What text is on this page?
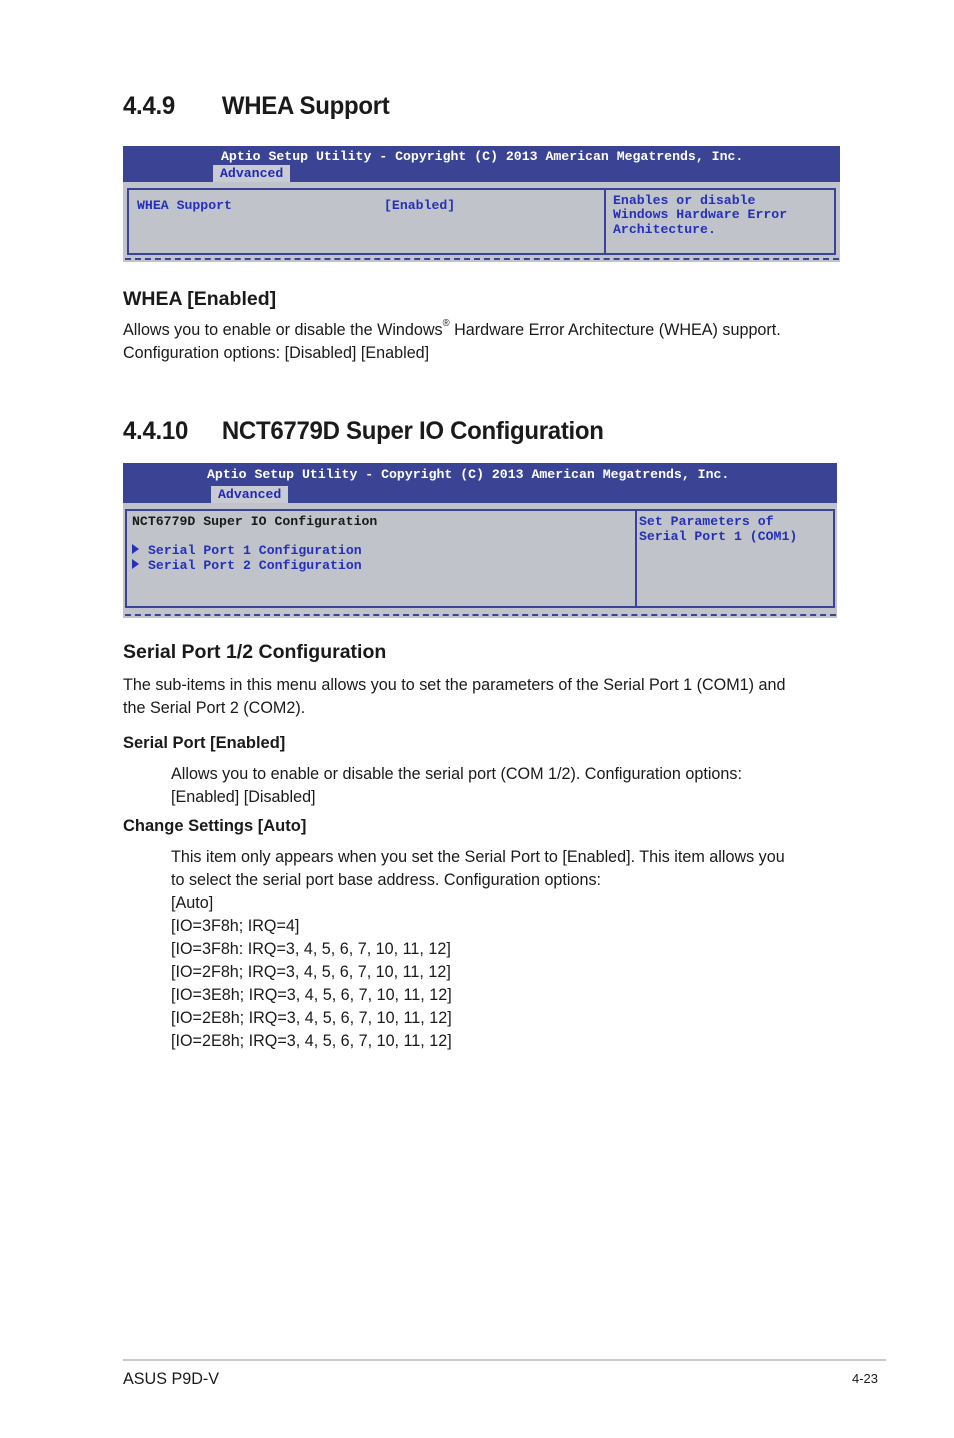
4.4.9 WHEA Support
Aptio Setup Utility - Copyright (C) 2013 American Megatrends, Inc.
Advanced
WHEA Support	[Enabled]	Enables or disable
Windows Hardware Error
Architecture.
WHEA [Enabled]
Allows you to enable or disable the Windows® Hardware Error Architecture (WHEA) support.
Configuration options: [Disabled] [Enabled]
4.4.10 NCT6779D Super IO Configuration
Aptio Setup Utility - Copyright (C) 2013 American Megatrends, Inc.
Advanced
NCT6779D Super IO Configuration
Serial Port 1 Configuration
Serial Port 2 Configuration
Set Parameters of
Serial Port 1 (COM1)
Serial Port 1/2 Configuration
The sub-items in this menu allows you to set the parameters of the Serial Port 1 (COM1) and
the Serial Port 2 (COM2).
Serial Port [Enabled]
Allows you to enable or disable the serial port (COM 1/2). Configuration options:
[Enabled] [Disabled]
Change Settings [Auto]
This item only appears when you set the Serial Port to [Enabled]. This item allows you
to select the serial port base address. Configuration options:
[Auto]
[IO=3F8h; IRQ=4]
[IO=3F8h: IRQ=3, 4, 5, 6, 7, 10, 11, 12]
[IO=2F8h; IRQ=3, 4, 5, 6, 7, 10, 11, 12]
[IO=3E8h; IRQ=3, 4, 5, 6, 7, 10, 11, 12]
[IO=2E8h; IRQ=3, 4, 5, 6, 7, 10, 11, 12]
[IO=2E8h; IRQ=3, 4, 5, 6, 7, 10, 11, 12]
ASUS P9D-V	4-23
